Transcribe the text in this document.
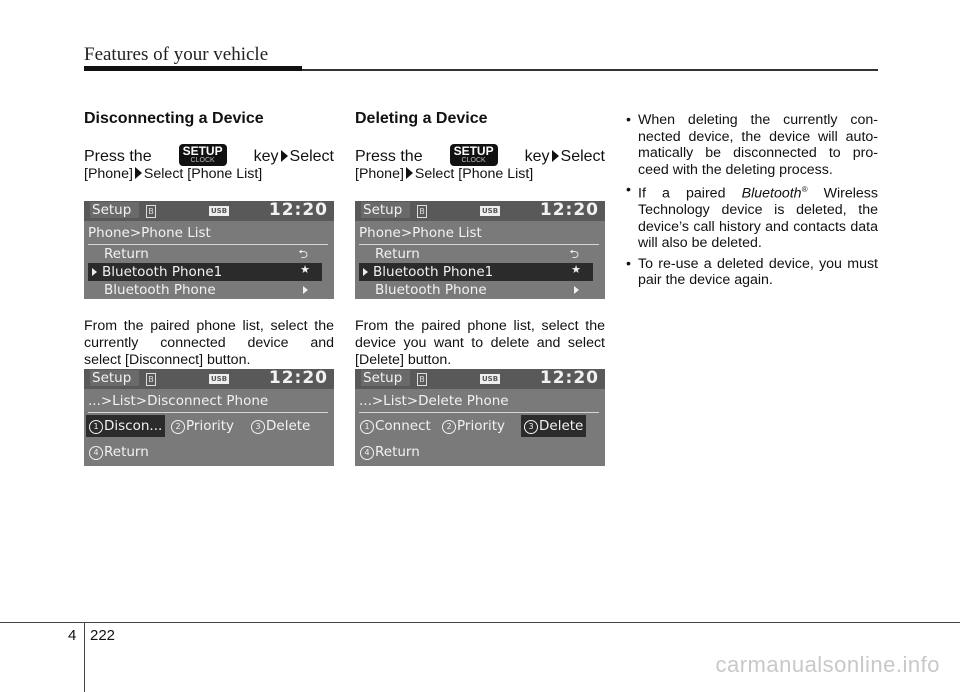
Features of your vehicle
Disconnecting a Device
Press the	SETUP
CLOCK	key Select
[Phone] Select [Phone List]
Setup	B	USB 12:20
Phone>Phone List
Return	⮌
Bluetooth Phone1
Bluetooth Phone
★

From the paired phone list, select the

currently connected device and

select [Disconnect] button.

Setup	B	USB 12:20
...>List>Disconnect Phone
1 Discon...	2 Priority	3 Delete
4 Return
Deleting a Device
Press the	SETUP
CLOCK	key Select
[Phone] Select [Phone List]
Setup	B	USB 12:20
Phone>Phone List
Return	⮌
Bluetooth Phone1
Bluetooth Phone
★

From the paired phone list, select the

device you want to delete and select

[Delete] button.

Setup	B	USB 12:20
...>List>Delete Phone
1 Connect	2 Priority	3 Delete
4 Return
• When deleting the currently con- nected device, the device will auto- matically be disconnected to pro- ceed with the deleting process.
• If a paired Bluetooth® Wireless Technology device is deleted, the device’s call history and contacts data will also be deleted.
• To re-use a deleted device, you must pair the device again.
4 222
carmanualsonline.info
